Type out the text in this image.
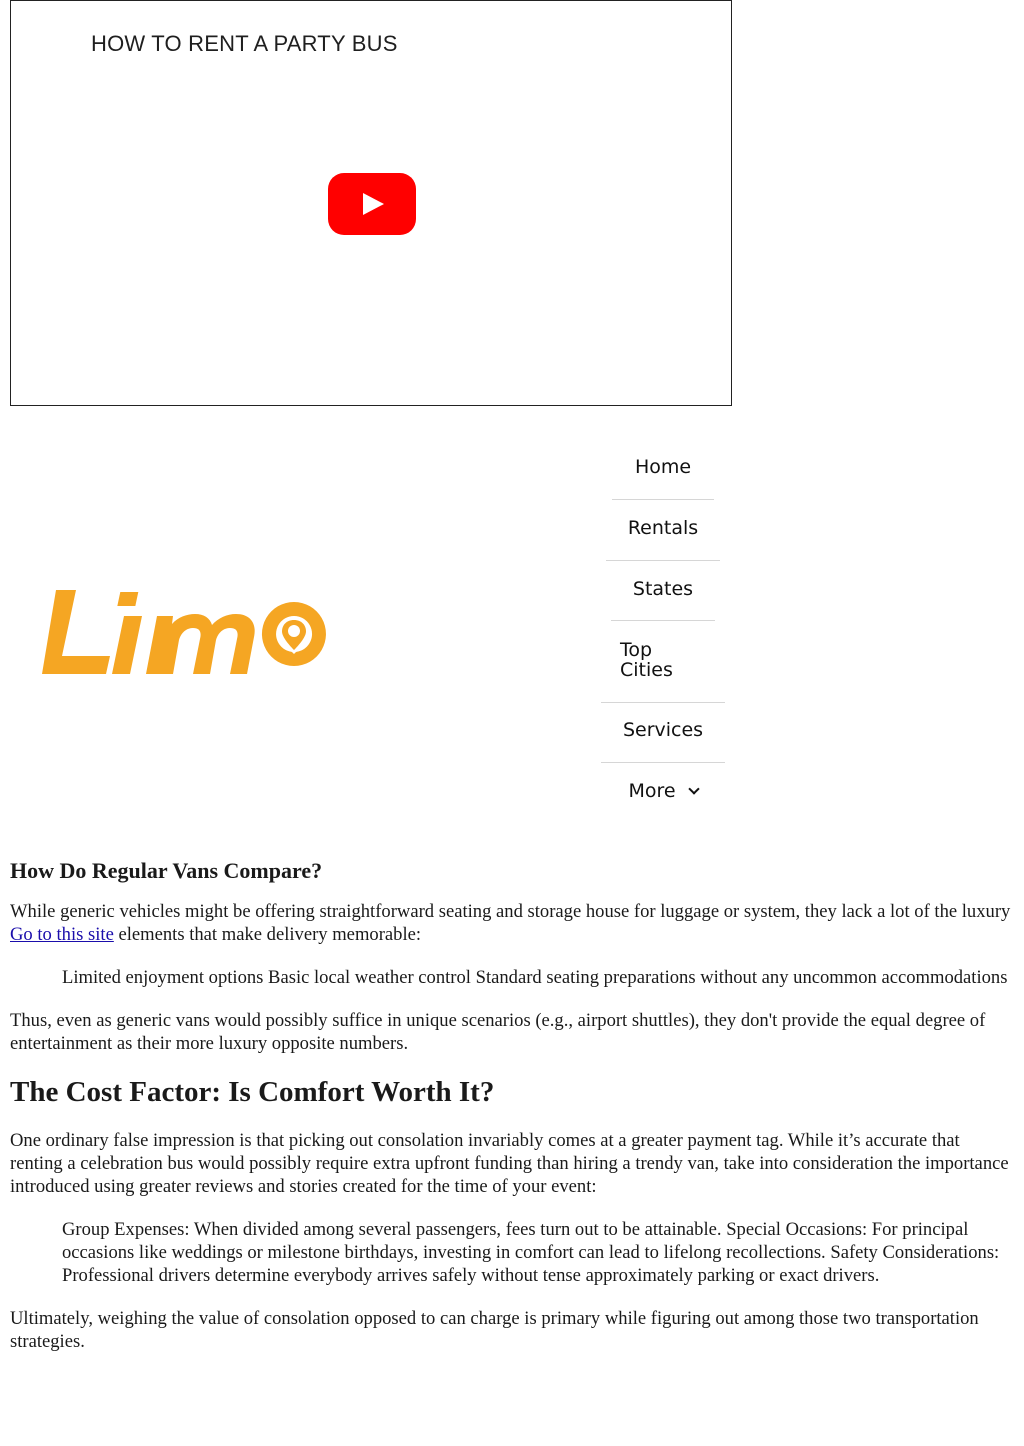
HOW TO RENT A PARTY BUS
Home
Rentals
States
Top Cities
Services
More
How Do Regular Vans Compare?

While generic vehicles might be offering straightforward seating and storage house for luggage or system, they lack a lot of the luxury Go to this site elements that make delivery memorable:

Limited enjoyment options Basic local weather control Standard seating preparations without any uncommon accommodations

Thus, even as generic vans would possibly suffice in unique scenarios (e.g., airport shuttles), they don't provide the equal degree of entertainment as their more luxury opposite numbers.

The Cost Factor: Is Comfort Worth It?

One ordinary false impression is that picking out consolation invariably comes at a greater payment tag. While it’s accurate that renting a celebration bus would possibly require extra upfront funding than hiring a trendy van, take into consideration the importance introduced using greater reviews and stories created for the time of your event:

Group Expenses: When divided among several passengers, fees turn out to be attainable. Special Occasions: For principal occasions like weddings or milestone birthdays, investing in comfort can lead to lifelong recollections. Safety Considerations: Professional drivers determine everybody arrives safely without tense approximately parking or exact drivers.

Ultimately, weighing the value of consolation opposed to can charge is primary while figuring out among those two transportation strategies.
